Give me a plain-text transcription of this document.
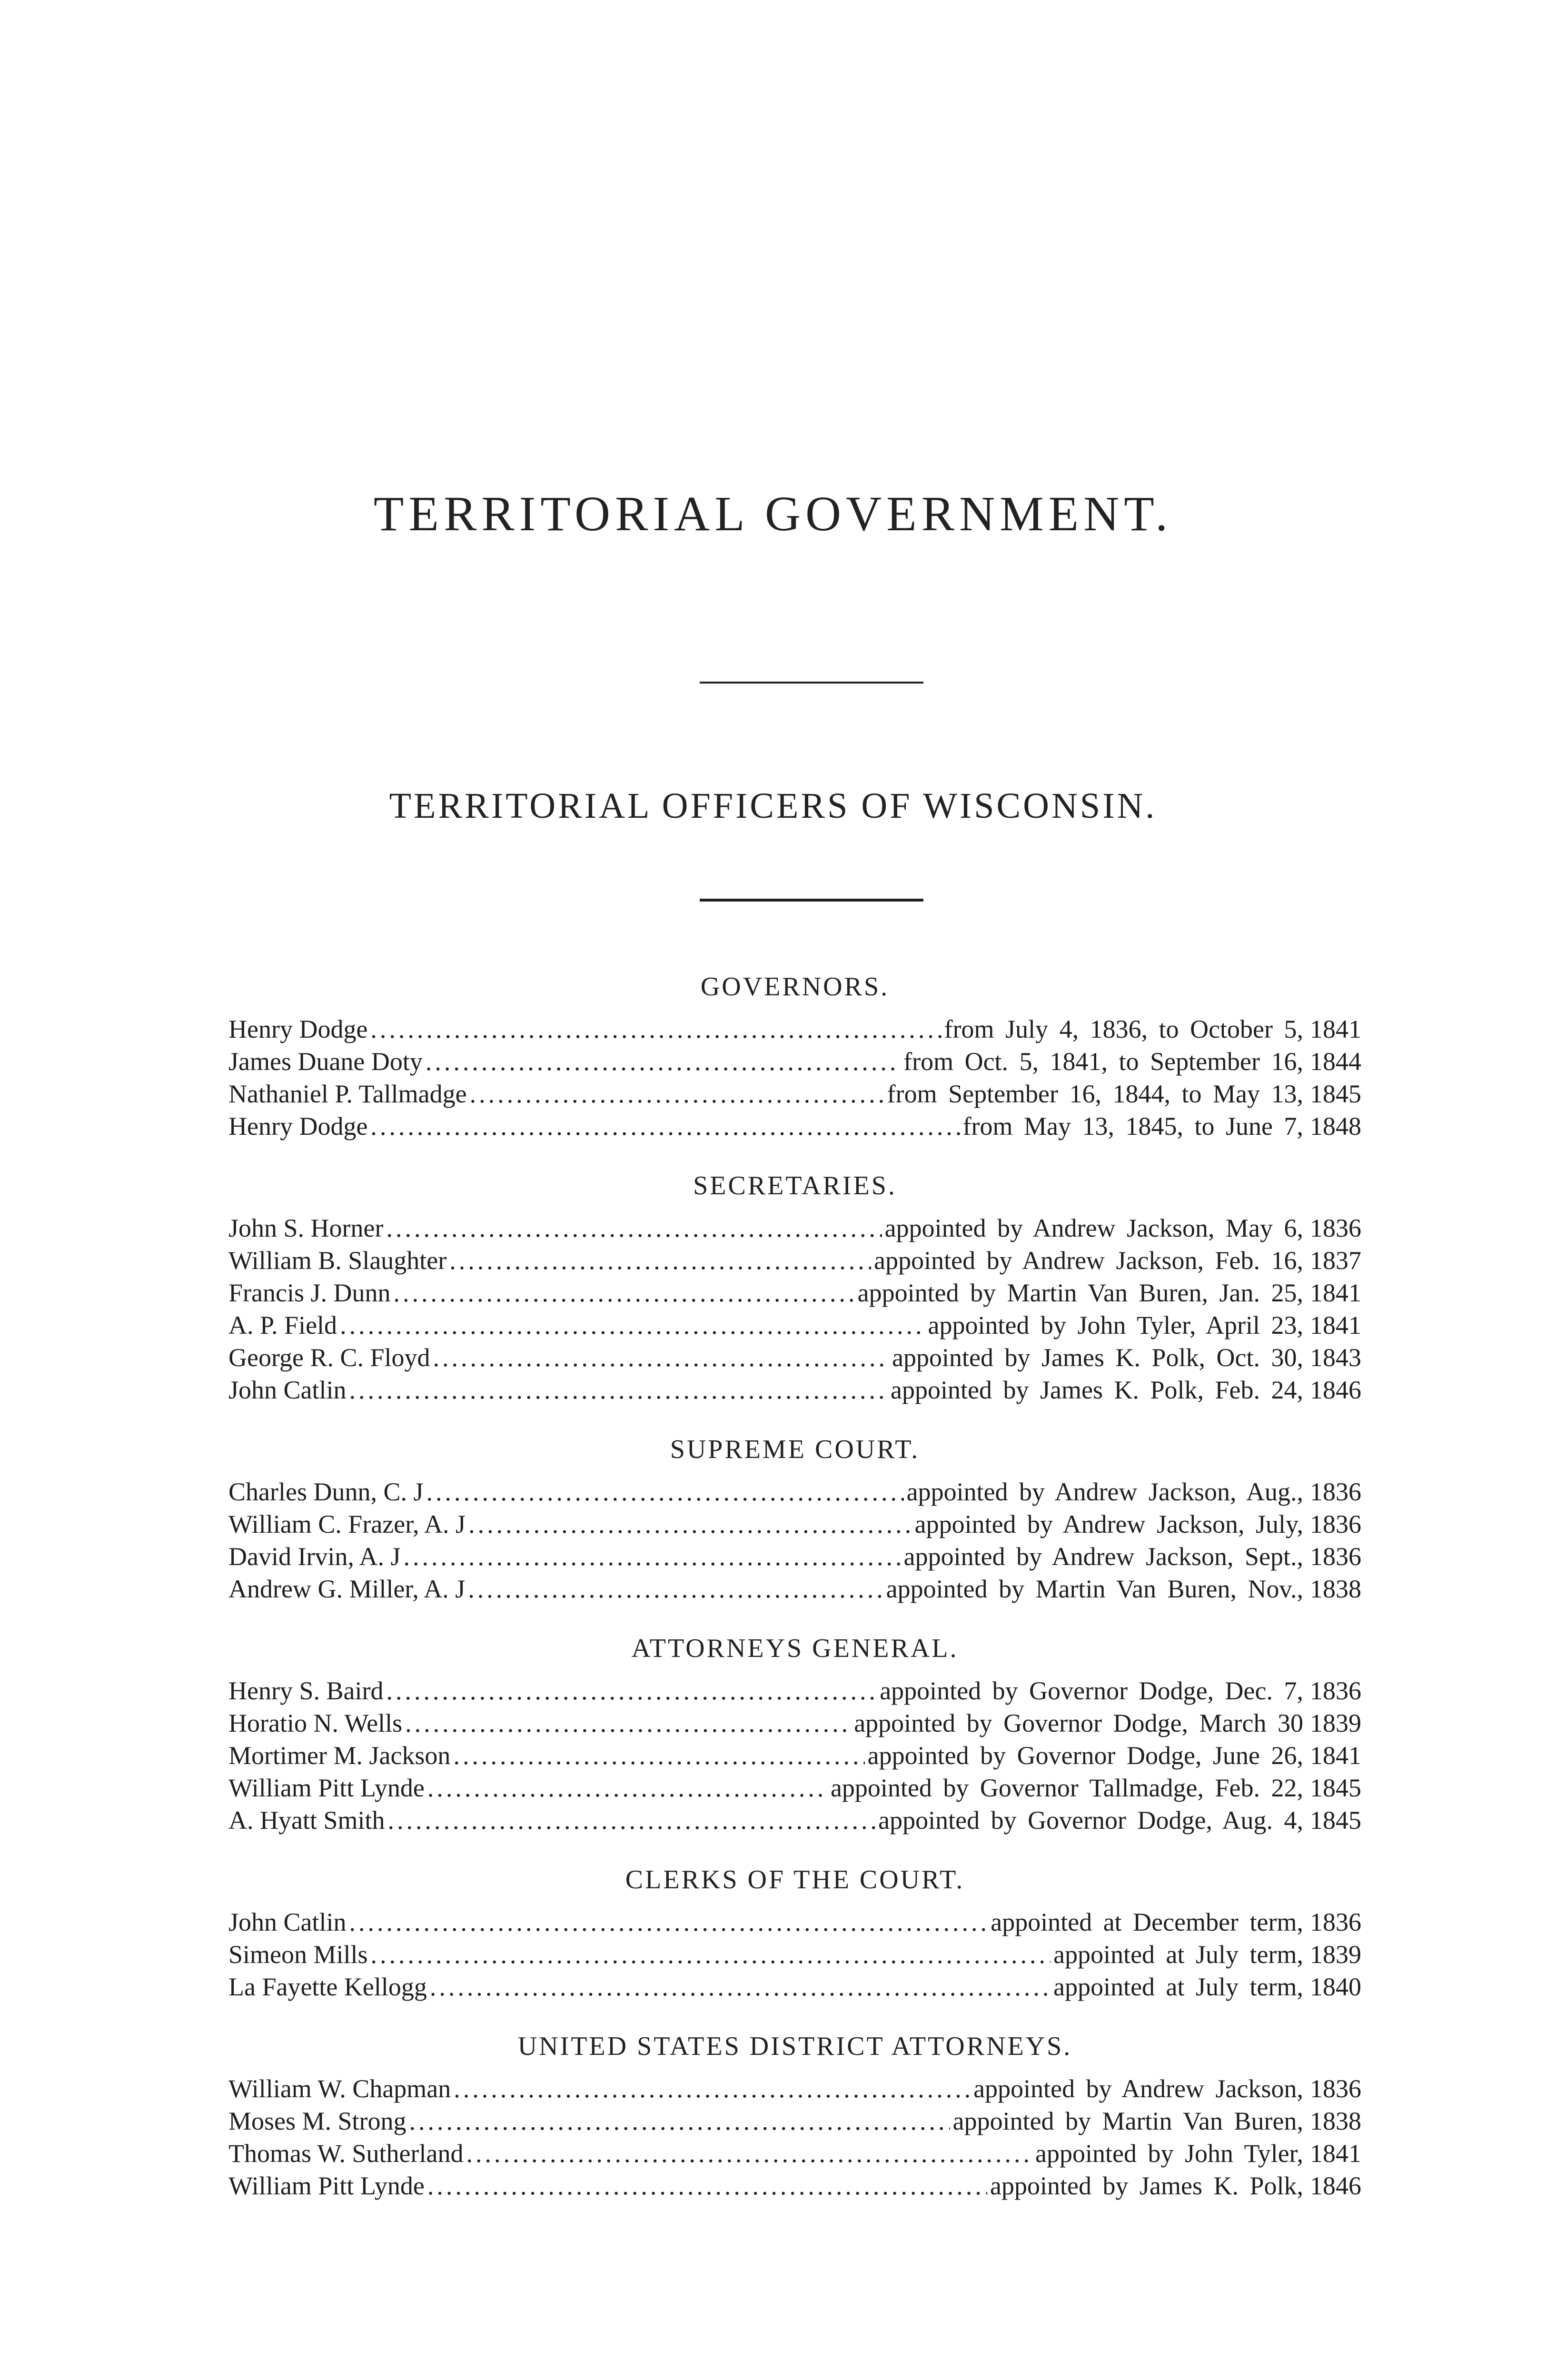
TERRITORIAL GOVERNMENT.
TERRITORIAL OFFICERS OF WISCONSIN.
GOVERNORS.
Henry Dodge .....	from July 4, 1836, to October 5, 1841
James Duane Doty .....	from Oct. 5, 1841, to September 16, 1844
Nathaniel P. Tallmadge .....	from September 16, 1844, to May 13, 1845
Henry Dodge .....	from May 13, 1845, to June 7, 1848
SECRETARIES.
John S. Horner .....	appointed by Andrew Jackson, May 6, 1836
William B. Slaughter .....	appointed by Andrew Jackson, Feb. 16, 1837
Francis J. Dunn .....	appointed by Martin Van Buren, Jan. 25, 1841
A. P. Field .....	appointed by John Tyler, April 23, 1841
George R. C. Floyd .....	appointed by James K. Polk, Oct. 30, 1843
John Catlin .....	appointed by James K. Polk, Feb. 24, 1846
SUPREME COURT.
Charles Dunn, C. J .....	appointed by Andrew Jackson, Aug., 1836
William C. Frazer, A. J .....	appointed by Andrew Jackson, July, 1836
David Irvin, A. J .....	appointed by Andrew Jackson, Sept., 1836
Andrew G. Miller, A. J .....	appointed by Martin Van Buren, Nov., 1838
ATTORNEYS GENERAL.
Henry S. Baird .....	appointed by Governor Dodge, Dec. 7, 1836
Horatio N. Wells .....	appointed by Governor Dodge, March 30 1839
Mortimer M. Jackson .....	appointed by Governor Dodge, June 26, 1841
William Pitt Lynde .....	appointed by Governor Tallmadge, Feb. 22, 1845
A. Hyatt Smith .....	appointed by Governor Dodge, Aug. 4, 1845
CLERKS OF THE COURT.
John Catlin .....	appointed at December term, 1836
Simeon Mills .....	appointed at July term, 1839
La Fayette Kellogg .....	appointed at July term, 1840
UNITED STATES DISTRICT ATTORNEYS.
William W. Chapman .....	appointed by Andrew Jackson, 1836
Moses M. Strong .....	appointed by Martin Van Buren, 1838
Thomas W. Sutherland .....	appointed by John Tyler, 1841
William Pitt Lynde .....	appointed by James K. Polk, 1846
